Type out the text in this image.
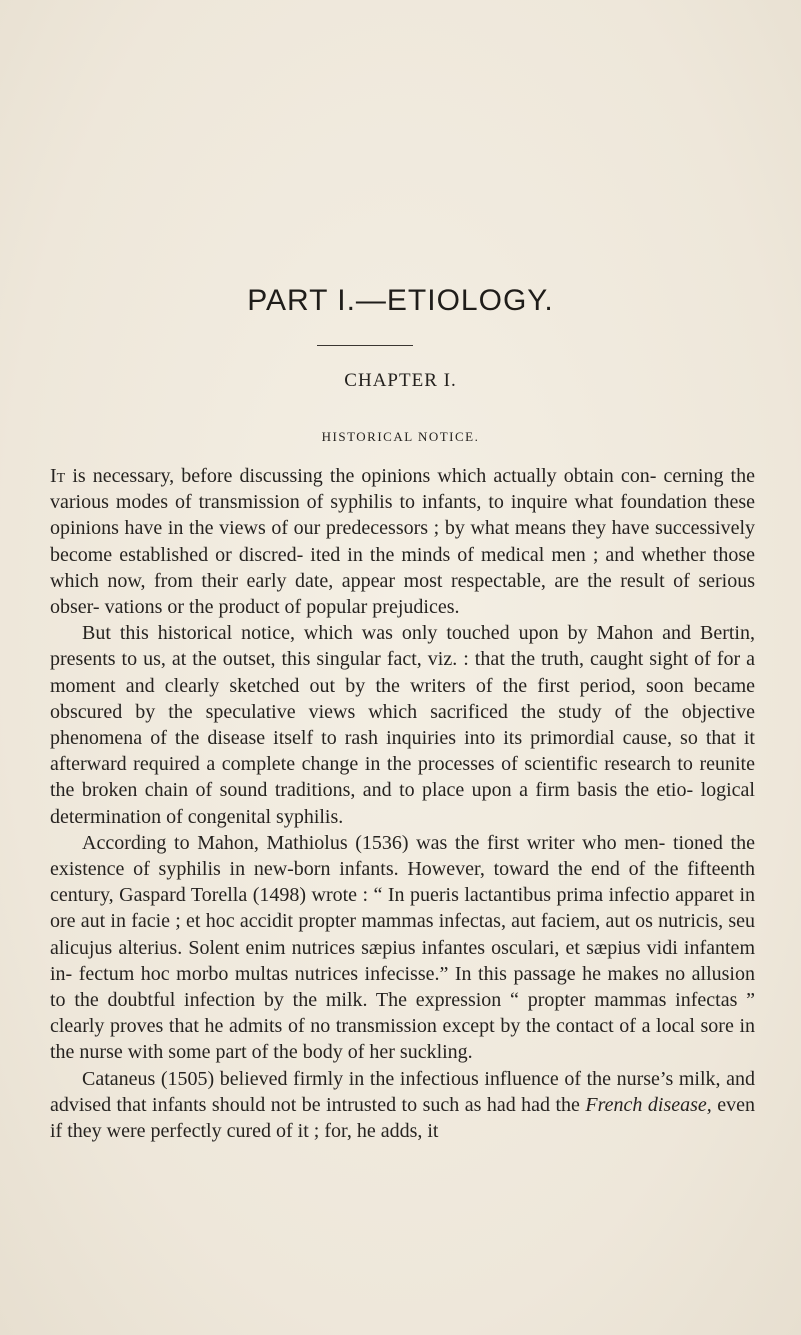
PART I.—ETIOLOGY.
CHAPTER I.
HISTORICAL NOTICE.

It is necessary, before discussing the opinions which actually obtain con- cerning the various modes of transmission of syphilis to infants, to inquire what foundation these opinions have in the views of our predecessors ; by what means they have successively become established or discred- ited in the minds of medical men ; and whether those which now, from their early date, appear most respectable, are the result of serious obser- vations or the product of popular prejudices.

But this historical notice, which was only touched upon by Mahon and Bertin, presents to us, at the outset, this singular fact, viz. : that the truth, caught sight of for a moment and clearly sketched out by the writers of the first period, soon became obscured by the speculative views which sacrificed the study of the objective phenomena of the disease itself to rash inquiries into its primordial cause, so that it afterward required a complete change in the processes of scientific research to reunite the broken chain of sound traditions, and to place upon a firm basis the etio- logical determination of congenital syphilis.

According to Mahon, Mathiolus (1536) was the first writer who men- tioned the existence of syphilis in new-born infants. However, toward the end of the fifteenth century, Gaspard Torella (1498) wrote : “ In pueris lactantibus prima infectio apparet in ore aut in facie ; et hoc accidit propter mammas infectas, aut faciem, aut os nutricis, seu alicujus alterius. Solent enim nutrices sæpius infantes osculari, et sæpius vidi infantem in- fectum hoc morbo multas nutrices infecisse.” In this passage he makes no allusion to the doubtful infection by the milk. The expression “ propter mammas infectas ” clearly proves that he admits of no transmission except by the contact of a local sore in the nurse with some part of the body of her suckling.

Cataneus (1505) believed firmly in the infectious influence of the nurse’s milk, and advised that infants should not be intrusted to such as had had the French disease, even if they were perfectly cured of it ; for, he adds, it
